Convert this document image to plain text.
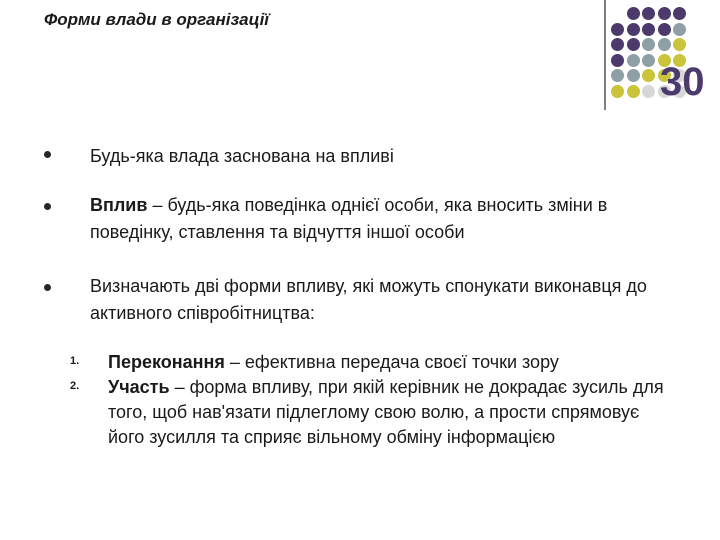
Форми влади в організації
30
Будь-яка влада заснована на впливі
Вплив – будь-яка поведінка однієї особи, яка вносить зміни в поведінку, ставлення та відчуття іншої особи
Визначають дві форми впливу, які можуть спонукати виконавця до активного співробітництва:
1. Переконання – ефективна передача своєї точки зору
2. Участь – форма впливу, при якій керівник не докрадає зусиль для того, щоб нав'язати підлеглому свою волю, а прости спрямовує його зусилля та сприяє вільному обміну інформацією
